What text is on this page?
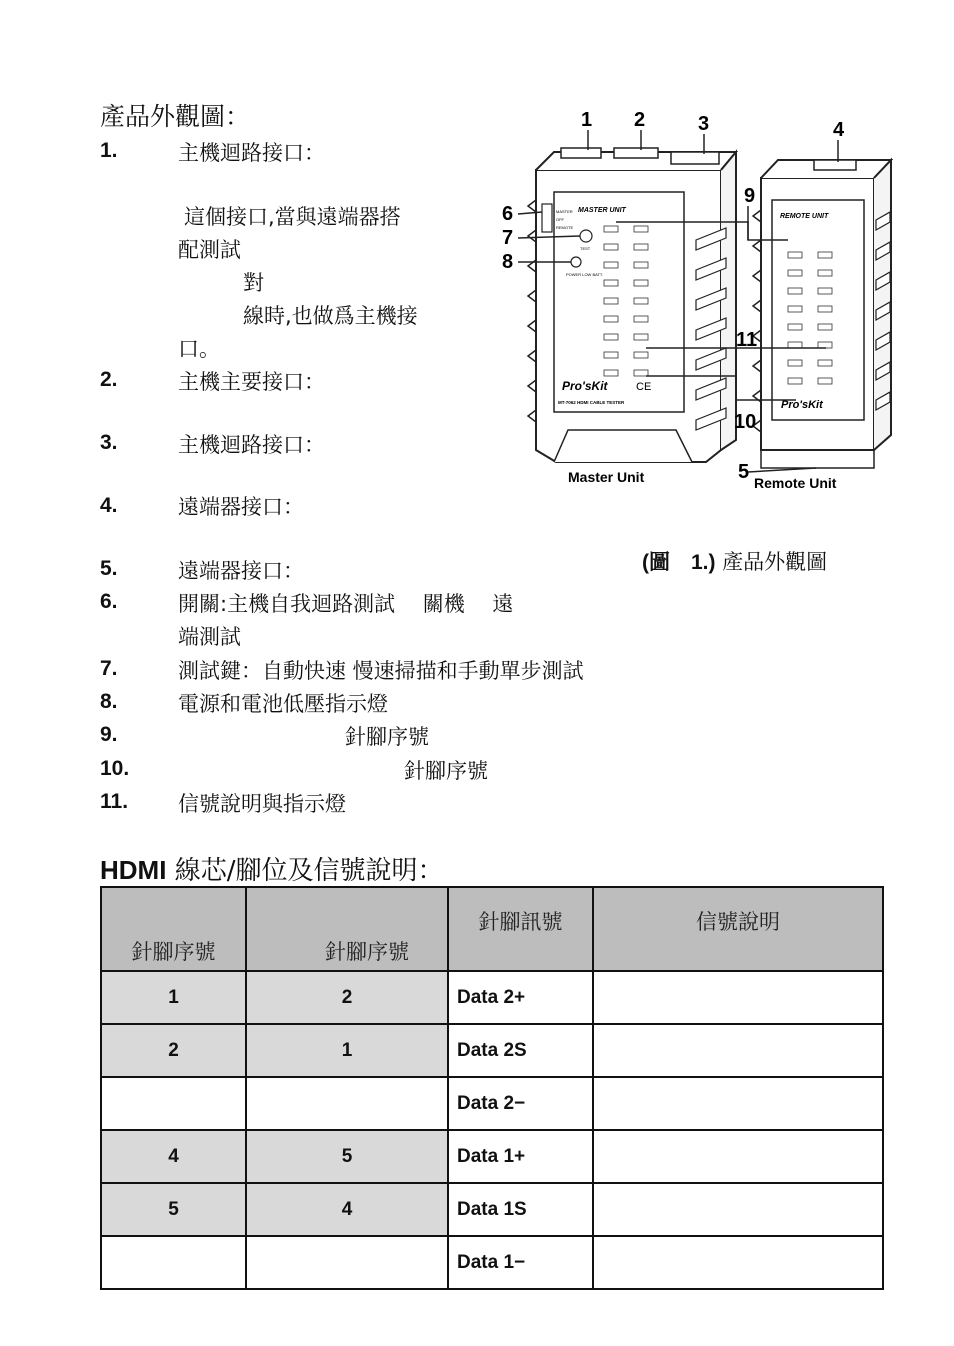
產品外觀圖：
1.	主機迴路接口：
這個接口,當與遠端器搭
配測試
對
線時,也做爲主機接
口。
2.	主機主要接口：
3.	主機迴路接口：
4.	遠端器接口：
5.	遠端器接口：	(圖　1.) 產品外觀圖
6.	開關:主機自我迴路測試　 關機　 遠
端測試
7.	測試鍵：自動快速 慢速掃描和手動單步測試
8.	電源和電池低壓指示燈
9.	針腳序號
10.	針腳序號
11. 信號說明與指示燈
MASTER UNIT
MASTER
OFF
REMOTE
TEST
POWER LOW BATT.
Pro'sKit	CE
MT-7062 HDMI CABLE TESTER
Master Unit
REMOTE UNIT
Pro'sKit
Remote Unit
1 2	3	4
5
6
7
8
9
10
11
HDMI 線芯/腳位及信號說明：
針腳序號	針腳序號	針腳訊號	信號說明
1	2	Data 2+	
2	1	Data 2S	
		Data 2−	
4	5	Data 1+	
5	4	Data 1S	
		Data 1−	
